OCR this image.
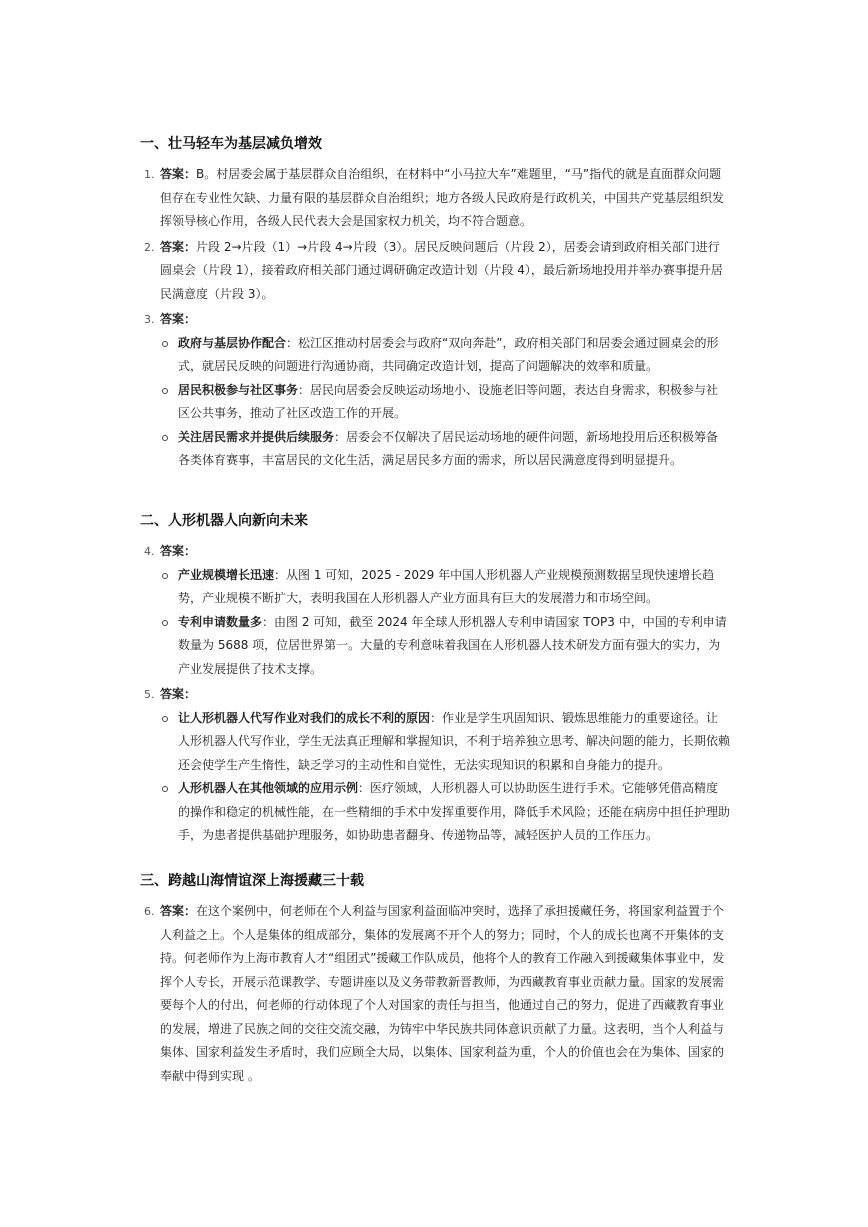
一、壮马轻车为基层减负增效
1. 答案：B。村居委会属于基层群众自治组织，在材料中“小马拉大车”难题里，“马”指代的就是直面群众问题但存在专业性欠缺、力量有限的基层群众自治组织；地方各级人民政府是行政机关，中国共产党基层组织发挥领导核心作用，各级人民代表大会是国家权力机关，均不符合题意。
2. 答案：片段 2→片段（1）→片段 4→片段（3）。居民反映问题后（片段 2），居委会请到政府相关部门进行圆桌会（片段 1），接着政府相关部门通过调研确定改造计划（片段 4），最后新场地投用并举办赛事提升居民满意度（片段 3）。
3. 答案：
政府与基层协作配合：松江区推动村居委会与政府“双向奔赴”，政府相关部门和居委会通过圆桌会的形式，就居民反映的问题进行沟通协商，共同确定改造计划，提高了问题解决的效率和质量。
居民积极参与社区事务：居民向居委会反映运动场地小、设施老旧等问题，表达自身需求，积极参与社区公共事务，推动了社区改造工作的开展。
关注居民需求并提供后续服务：居委会不仅解决了居民运动场地的硬件问题，新场地投用后还积极筹备各类体育赛事，丰富居民的文化生活，满足居民多方面的需求，所以居民满意度得到明显提升。
二、人形机器人向新向未来
4. 答案：
产业规模增长迅速：从图 1 可知，2025 - 2029 年中国人形机器人产业规模预测数据呈现快速增长趋势，产业规模不断扩大，表明我国在人形机器人产业方面具有巨大的发展潜力和市场空间。
专利申请数量多：由图 2 可知，截至 2024 年全球人形机器人专利申请国家 TOP3 中，中国的专利申请数量为 5688 项，位居世界第一。大量的专利意味着我国在人形机器人技术研发方面有强大的实力，为产业发展提供了技术支撑。
5. 答案：
让人形机器人代写作业对我们的成长不利的原因：作业是学生巩固知识、锻炼思维能力的重要途径。让人形机器人代写作业，学生无法真正理解和掌握知识，不利于培养独立思考、解决问题的能力，长期依赖还会使学生产生惰性，缺乏学习的主动性和自觉性，无法实现知识的积累和自身能力的提升。
人形机器人在其他领域的应用示例：医疗领域，人形机器人可以协助医生进行手术。它能够凭借高精度的操作和稳定的机械性能，在一些精细的手术中发挥重要作用，降低手术风险；还能在病房中担任护理助手，为患者提供基础护理服务，如协助患者翻身、传递物品等，减轻医护人员的工作压力。
三、跨越山海情谊深上海援藏三十载
6. 答案：在这个案例中，何老师在个人利益与国家利益面临冲突时，选择了承担援藏任务，将国家利益置于个人利益之上。个人是集体的组成部分，集体的发展离不开个人的努力；同时，个人的成长也离不开集体的支持。何老师作为上海市教育人才“组团式”援藏工作队成员，他将个人的教育工作融入到援藏集体事业中，发挥个人专长，开展示范课教学、专题讲座以及义务带教新晋教师，为西藏教育事业贡献力量。国家的发展需要每个人的付出，何老师的行动体现了个人对国家的责任与担当，他通过自己的努力，促进了西藏教育事业的发展，增进了民族之间的交往交流交融，为铸牢中华民族共同体意识贡献了力量。这表明，当个人利益与集体、国家利益发生矛盾时，我们应顾全大局，以集体、国家利益为重，个人的价值也会在为集体、国家的奉献中得到实现 。
